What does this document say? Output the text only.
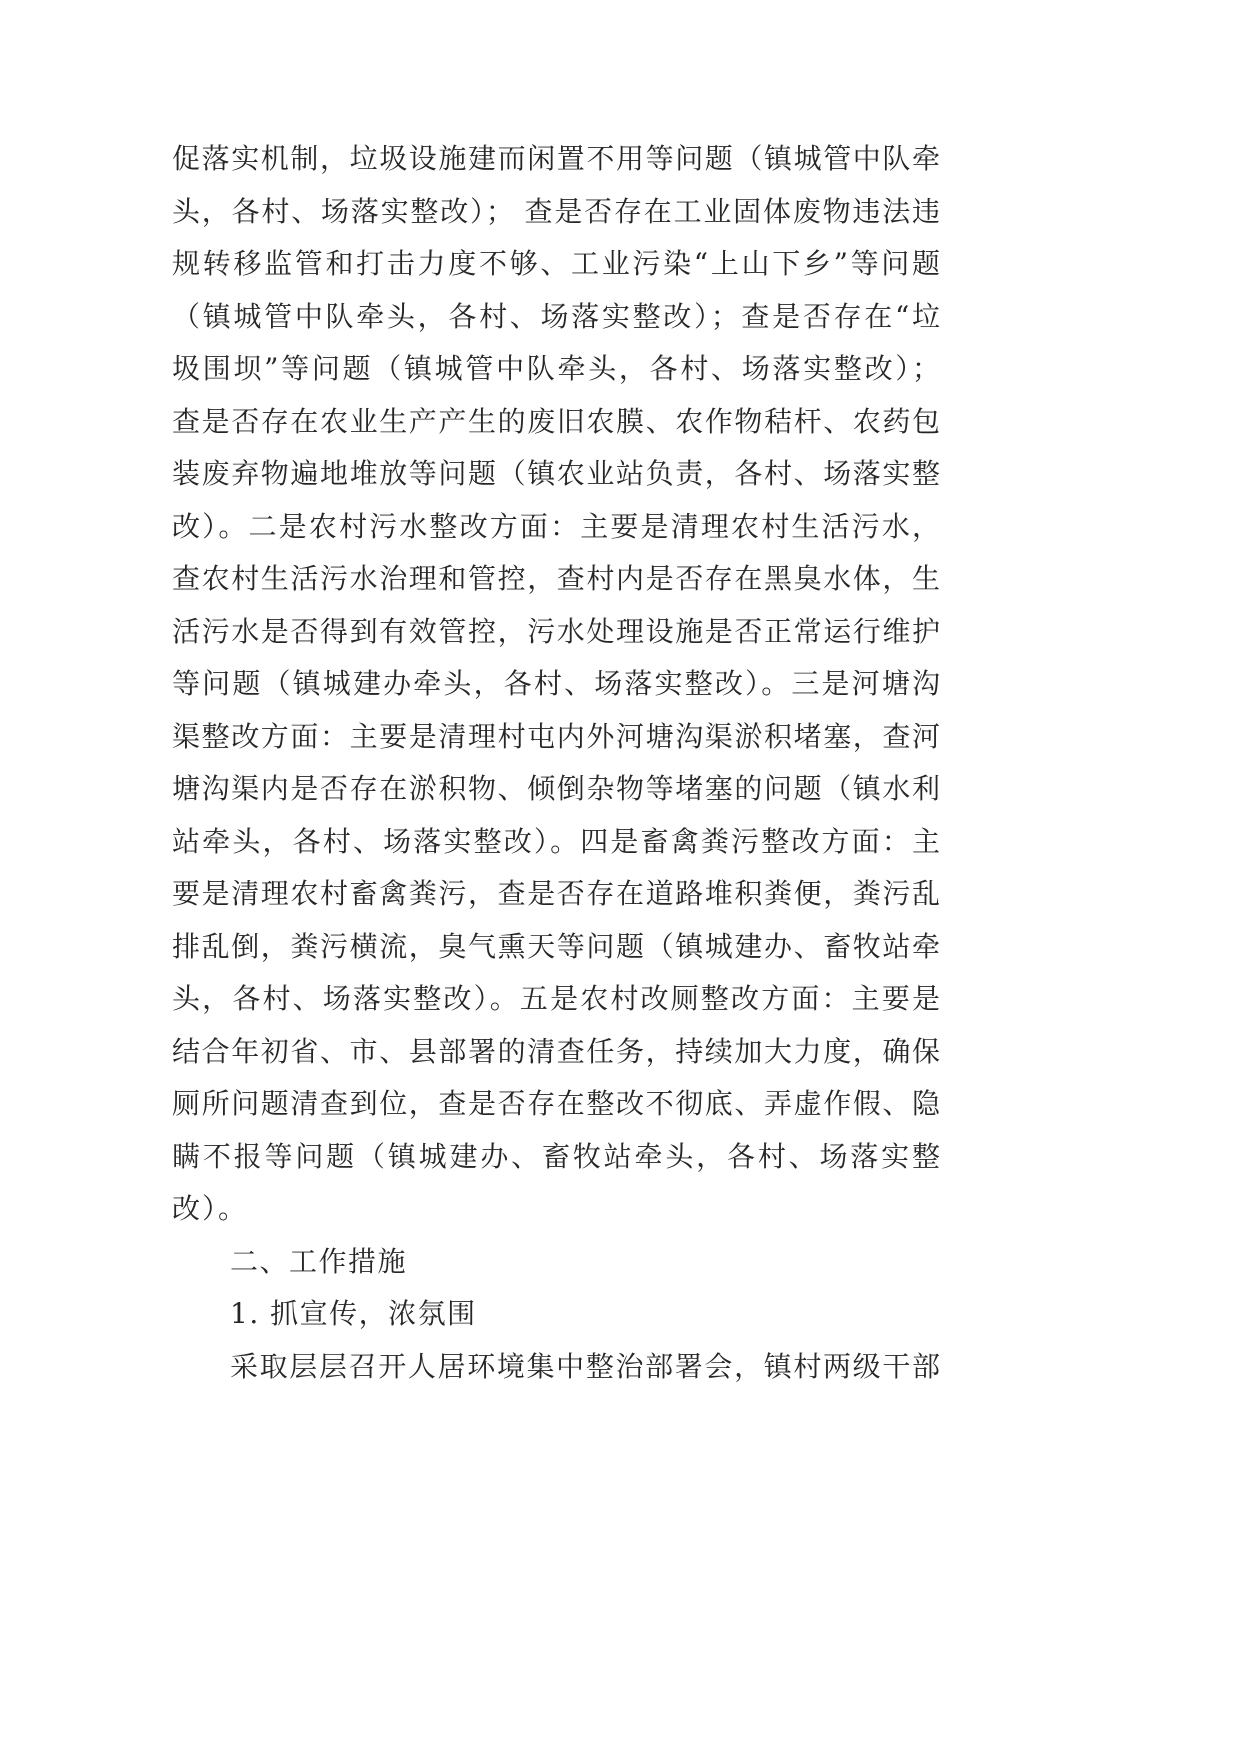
促落实机制，垃圾设施建而闲置不用等问题（镇城管中队牵
头，各村、场落实整改）； 查是否存在工业固体废物违法违
规转移监管和打击力度不够、工业污染“上山下乡”等问题
（镇城管中队牵头，各村、场落实整改）；查是否存在“垃
圾围坝”等问题（镇城管中队牵头，各村、场落实整改）；
查是否存在农业生产产生的废旧农膜、农作物秸杆、农药包
装废弃物遍地堆放等问题（镇农业站负责，各村、场落实整
改）。二是农村污水整改方面：主要是清理农村生活污水，
查农村生活污水治理和管控，查村内是否存在黑臭水体，生
活污水是否得到有效管控，污水处理设施是否正常运行维护
等问题（镇城建办牵头，各村、场落实整改）。三是河塘沟
渠整改方面：主要是清理村屯内外河塘沟渠淤积堵塞，查河
塘沟渠内是否存在淤积物、倾倒杂物等堵塞的问题（镇水利
站牵头，各村、场落实整改）。四是畜禽粪污整改方面：主
要是清理农村畜禽粪污，查是否存在道路堆积粪便，粪污乱
排乱倒，粪污横流，臭气熏天等问题（镇城建办、畜牧站牵
头，各村、场落实整改）。五是农村改厕整改方面：主要是
结合年初省、市、县部署的清查任务，持续加大力度，确保
厕所问题清查到位，查是否存在整改不彻底、弄虚作假、隐
瞒不报等问题（镇城建办、畜牧站牵头，各村、场落实整
改）。
二、工作措施
1. 抓宣传，浓氛围
采取层层召开人居环境集中整治部署会，镇村两级干部
